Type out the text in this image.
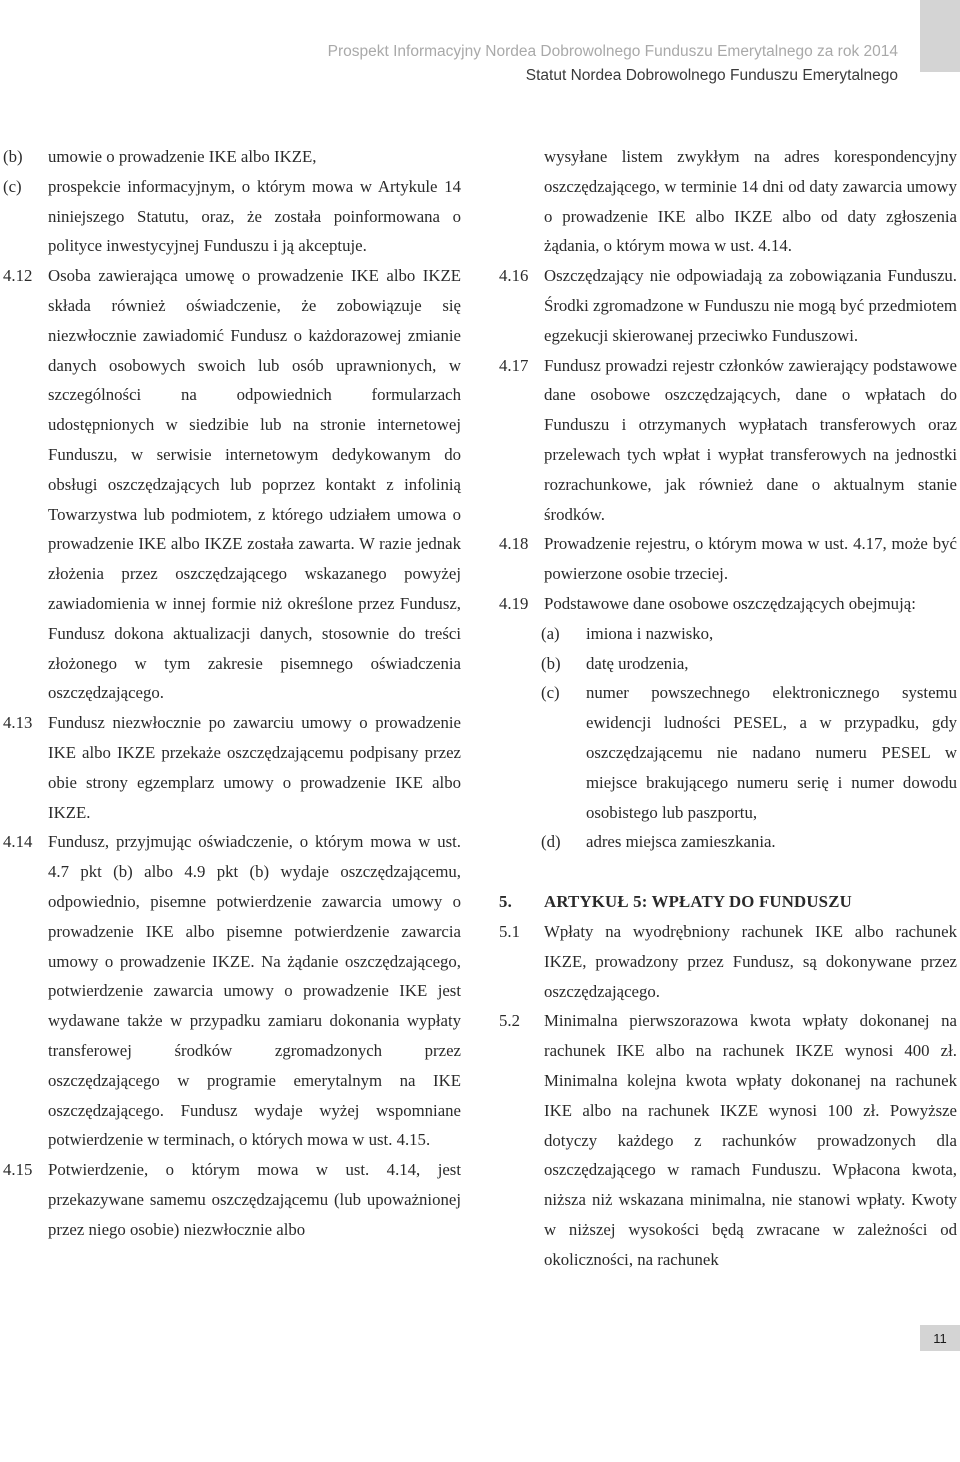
Prospekt Informacyjny Nordea Dobrowolnego Funduszu Emerytalnego za rok 2014
Statut Nordea Dobrowolnego Funduszu Emerytalnego
(b)	umowie o prowadzenie IKE albo IKZE,
(c)	prospekcie informacyjnym, o którym mowa w Artykule 14 niniejszego Statutu, oraz, że została poinformowana o polityce inwestycyjnej Funduszu i ją akceptuje.
4.12 Osoba zawierająca umowę o prowadzenie IKE albo IKZE składa również oświadczenie, że zobowiązuje się niezwłocznie zawiadomić Fundusz o każdorazowej zmianie danych osobowych swoich lub osób uprawnionych, w szczególności na odpowiednich formularzach udostępnionych w siedzibie lub na stronie internetowej Funduszu, w serwisie internetowym dedykowanym do obsługi oszczędzających lub poprzez kontakt z infolinią Towarzystwa lub podmiotem, z którego udziałem umowa o prowadzenie IKE albo IKZE została zawarta. W razie jednak złożenia przez oszczędzającego wskazanego powyżej zawiadomienia w innej formie niż określone przez Fundusz, Fundusz dokona aktualizacji danych, stosownie do treści złożonego w tym zakresie pisemnego oświadczenia oszczędzającego.
4.13 Fundusz niezwłocznie po zawarciu umowy o prowadzenie IKE albo IKZE przekaże oszczędzającemu podpisany przez obie strony egzemplarz umowy o prowadzenie IKE albo IKZE.
4.14 Fundusz, przyjmując oświadczenie, o którym mowa w ust. 4.7 pkt (b) albo 4.9 pkt (b) wydaje oszczędzającemu, odpowiednio, pisemne potwierdzenie zawarcia umowy o prowadzenie IKE albo pisemne potwierdzenie zawarcia umowy o prowadzenie IKZE. Na żądanie oszczędzającego, potwierdzenie zawarcia umowy o prowadzenie IKE jest wydawane także w przypadku zamiaru dokonania wypłaty transferowej środków zgromadzonych przez oszczędzającego w programie emerytalnym na IKE oszczędzającego. Fundusz wydaje wyżej wspomniane potwierdzenie w terminach, o których mowa w ust. 4.15.
4.15 Potwierdzenie, o którym mowa w ust. 4.14, jest przekazywane samemu oszczędzającemu (lub upoważnionej przez niego osobie) niezwłocznie albo
wysyłane listem zwykłym na adres korespondencyjny oszczędzającego, w terminie 14 dni od daty zawarcia umowy o prowadzenie IKE albo IKZE albo od daty zgłoszenia żądania, o którym mowa w ust. 4.14.
4.16 Oszczędzający nie odpowiadają za zobowiązania Funduszu. Środki zgromadzone w Funduszu nie mogą być przedmiotem egzekucji skierowanej przeciwko Funduszowi.
4.17 Fundusz prowadzi rejestr członków zawierający podstawowe dane osobowe oszczędzających, dane o wpłatach do Funduszu i otrzymanych wypłatach transferowych oraz przelewach tych wpłat i wypłat transferowych na jednostki rozrachunkowe, jak również dane o aktualnym stanie środków.
4.18 Prowadzenie rejestru, o którym mowa w ust. 4.17, może być powierzone osobie trzeciej.
4.19 Podstawowe dane osobowe oszczędzających obejmują:
(a)	imiona i nazwisko,
(b)	datę urodzenia,
(c)	numer powszechnego elektronicznego systemu ewidencji ludności PESEL, a w przypadku, gdy oszczędzającemu nie nadano numeru PESEL w miejsce brakującego numeru serię i numer dowodu osobistego lub paszportu,
(d)	adres miejsca zamieszkania.
5.	ARTYKUŁ 5: WPŁATY DO FUNDUSZU
5.1	Wpłaty na wyodrębniony rachunek IKE albo rachunek IKZE, prowadzony przez Fundusz, są dokonywane przez oszczędzającego.
5.2	Minimalna pierwszorazowa kwota wpłaty dokonanej na rachunek IKE albo na rachunek IKZE wynosi 400 zł. Minimalna kolejna kwota wpłaty dokonanej na rachunek IKE albo na rachunek IKZE wynosi 100 zł. Powyższe dotyczy każdego z rachunków prowadzonych dla oszczędzającego w ramach Funduszu. Wpłacona kwota, niższa niż wskazana minimalna, nie stanowi wpłaty. Kwoty w niższej wysokości będą zwracane w zależności od okoliczności, na rachunek
11
